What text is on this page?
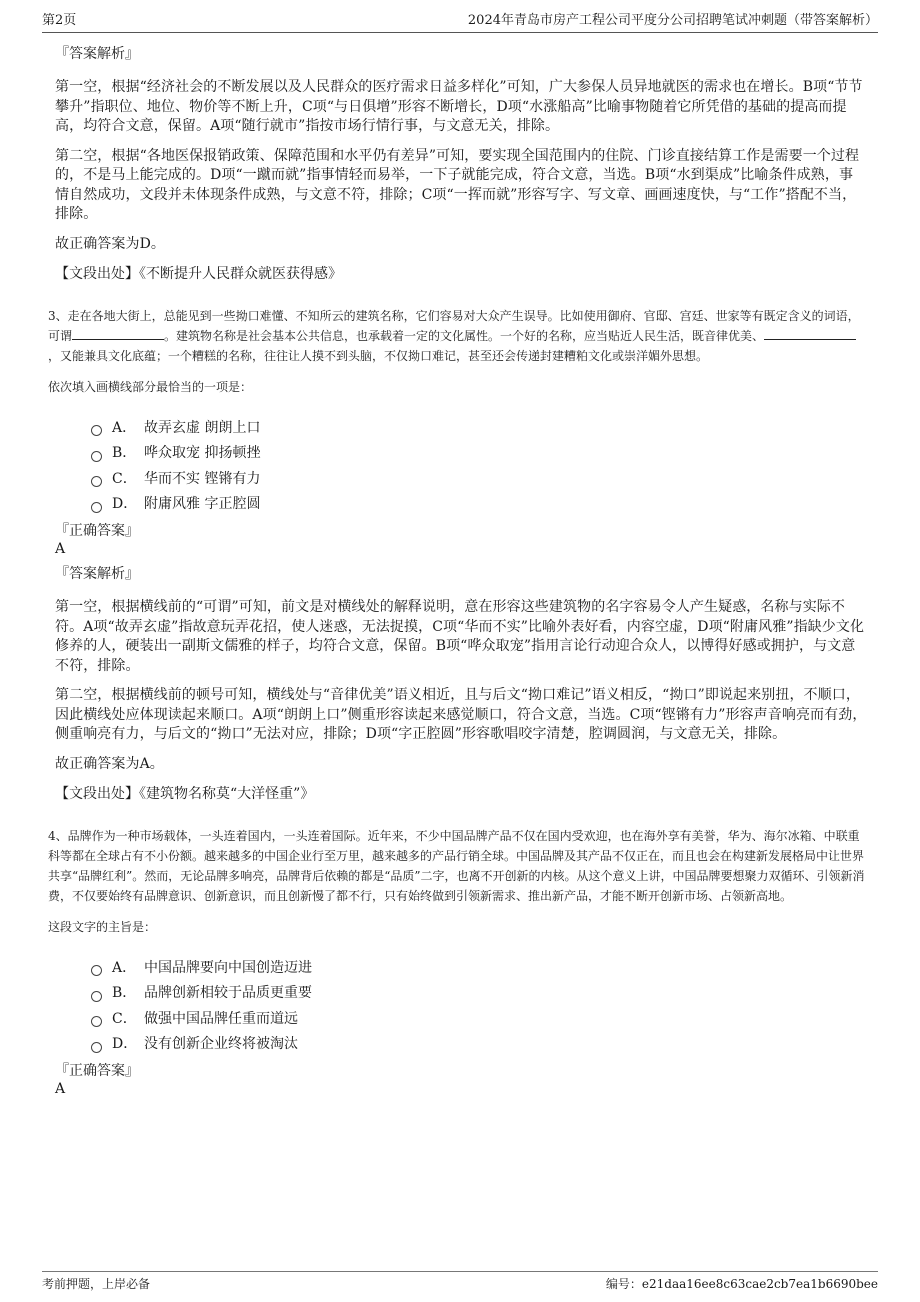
第2页	2024年青岛市房产工程公司平度分公司招聘笔试冲刺题（带答案解析）

『答案解析』

第一空，根据“经济社会的不断发展以及人民群众的医疗需求日益多样化”可知，广大参保人员异地就医的需求也在增长。B项“节节攀升”指职位、地位、物价等不断上升，C项“与日俱增”形容不断增长，D项“水涨船高”比喻事物随着它所凭借的基础的提高而提高，均符合文意，保留。A项“随行就市”指按市场行情行事，与文意无关，排除。

第二空，根据“各地医保报销政策、保障范围和水平仍有差异”可知，要实现全国范围内的住院、门诊直接结算工作是需要一个过程的，不是马上能完成的。D项“一蹴而就”指事情轻而易举，一下子就能完成，符合文意，当选。B项“水到渠成”比喻条件成熟，事情自然成功，文段并未体现条件成熟，与文意不符，排除；C项“一挥而就”形容写字、写文章、画画速度快，与“工作”搭配不当，排除。

故正确答案为D。

【文段出处】《不断提升人民群众就医获得感》

3、走在各地大街上，总能见到一些拗口难懂、不知所云的建筑名称，它们容易对大众产生误导。比如使用御府、官邸、宫廷、世家等有既定含义的词语，可谓	。建筑物名称是社会基本公共信息，也承载着一定的文化属性。一个好的名称，应当贴近人民生活，既音律优美、，又能兼具文化底蕴；一个糟糕的名称，往往让人摸不到头脑，不仅拗口难记，甚至还会传递封建糟粕文化或崇洋媚外思想。

依次填入画横线部分最恰当的一项是：

A． 故弄玄虚 朗朗上口
B． 哗众取宠 抑扬顿挫
C． 华而不实 铿锵有力
D． 附庸风雅 字正腔圆

『正确答案』

A

『答案解析』

第一空，根据横线前的“可谓”可知，前文是对横线处的解释说明，意在形容这些建筑物的名字容易令人产生疑惑，名称与实际不符。A项“故弄玄虚”指故意玩弄花招，使人迷惑，无法捉摸，C项“华而不实”比喻外表好看，内容空虚，D项“附庸风雅”指缺少文化修养的人，硬装出一副斯文儒雅的样子，均符合文意，保留。B项“哗众取宠”指用言论行动迎合众人，以博得好感或拥护，与文意不符，排除。

第二空，根据横线前的顿号可知，横线处与“音律优美”语义相近，且与后文“拗口难记”语义相反，“拗口”即说起来别扭，不顺口，因此横线处应体现读起来顺口。A项“朗朗上口”侧重形容读起来感觉顺口，符合文意，当选。C项“铿锵有力”形容声音响亮而有劲，侧重响亮有力，与后文的“拗口”无法对应，排除；D项“字正腔圆”形容歌唱咬字清楚，腔调圆润，与文意无关，排除。

故正确答案为A。

【文段出处】《建筑物名称莫“大洋怪重”》

4、品牌作为一种市场载体，一头连着国内，一头连着国际。近年来，不少中国品牌产品不仅在国内受欢迎，也在海外享有美誉，华为、海尔冰箱、中联重科等都在全球占有不小份额。越来越多的中国企业行至万里，越来越多的产品行销全球。中国品牌及其产品不仅正在，而且也会在构建新发展格局中让世界共享“品牌红利”。然而，无论品牌多响亮，品牌背后依赖的都是“品质”二字，也离不开创新的内核。从这个意义上讲，中国品牌要想聚力双循环、引领新消费，不仅要始终有品牌意识、创新意识，而且创新慢了都不行，只有始终做到引领新需求、推出新产品，才能不断开创新市场、占领新高地。

这段文字的主旨是：

A． 中国品牌要向中国创造迈进
B． 品牌创新相较于品质更重要
C． 做强中国品牌任重而道远
D． 没有创新企业终将被淘汰

『正确答案』

A

考前押题，上岸必备	编号：e21daa16ee8c63cae2cb7ea1b6690bee
